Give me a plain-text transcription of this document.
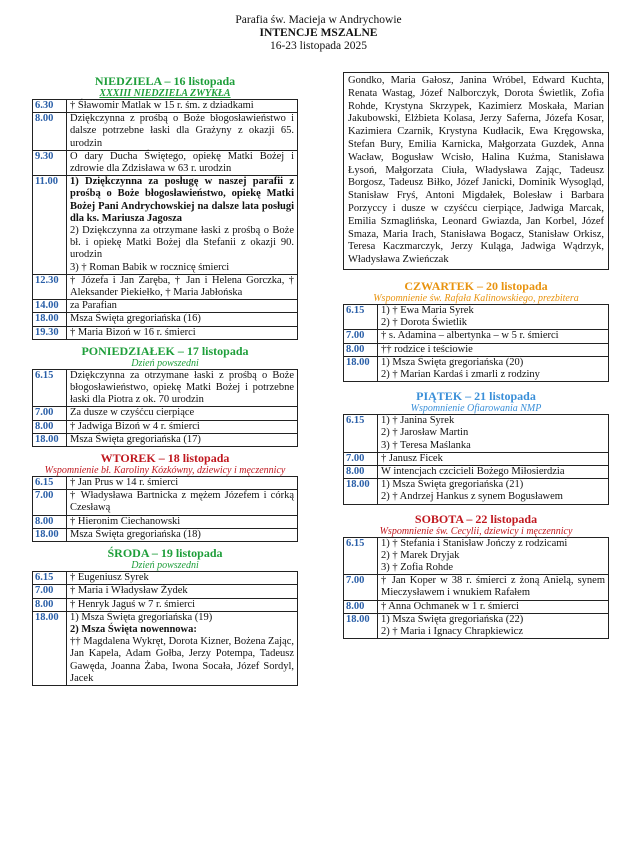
Parafia św. Macieja w Andrychowie
INTENCJE MSZALNE
16-23 listopada 2025
NIEDZIELA – 16 listopada
XXXIII NIEDZIELA ZWYKŁA
6.30	† Śławomir Matlak w 15 r. śm. z dziadkami
8.00	Dziękczynna z prośbą o Boże błogosławieństwo i dalsze potrzebne łaski dla Grażyny z okazji 65. urodzin
9.30	O dary Ducha Świętego, opiekę Matki Bożej i zdrowie dla Zdzisława w 63 r. urodzin
11.00	1) Dziękczynna za posługę w naszej parafii z prośbą o Boże błogosławieństwo, opiekę Matki Bożej Pani Andrychowskiej na dalsze lata posługi dla ks. Mariusza Jagosza
2) Dziękczynna za otrzymane łaski z prośbą o Boże bł. i opiekę Matki Bożej dla Stefanii z okazji 90. urodzin
3) † Roman Babik w rocznicę śmierci

12.30	† Józefa i Jan Zaręba, † Jan i Helena Gorczka, † Aleksander Piekiełko, † Maria Jabłońska
14.00	za Parafian
18.00	Msza Święta gregoriańska (16)
19.30	† Maria Bizoń w 16 r. śmierci
PONIEDZIAŁEK – 17 listopada
Dzień powszedni
6.15	Dziękczynna za otrzymane łaski z prośbą o Boże błogosławieństwo, opiekę Matki Bożej i potrzebne łaski dla Piotra z ok. 70 urodzin
7.00	Za dusze w czyśćcu cierpiące
8.00	† Jadwiga Bizoń w 4 r. śmierci
18.00	Msza Święta gregoriańska (17)
WTOREK – 18 listopada
Wspomnienie bł. Karoliny Kózkówny, dziewicy i męczennicy
6.15	† Jan Prus w 14 r. śmierci
7.00	† Władysława Bartnicka z mężem Józefem i córką Czesławą
8.00	† Hieronim Ciechanowski
18.00	Msza Święta gregoriańska (18)
ŚRODA – 19 listopada
Dzień powszedni
6.15	† Eugeniusz Syrek
7.00	† Maria i Władysław Żydek
8.00	† Henryk Jaguś w 7 r. śmierci
18.00	1) Msza Święta gregoriańska (19)
2) Msza Święta nowennowa:
†† Magdalena Wykręt, Dorota Kizner, Bożena Zając, Jan Kapela, Adam Gołba, Jerzy Potempa, Tadeusz Gawęda, Joanna Żaba, Iwona Socała, Józef Sordyl, Jacek
Gondko, Maria Gałosz, Janina Wróbel, Edward Kuchta, Renata Wastag, Józef Nalborczyk, Dorota Świetlik, Zofia Rohde, Krystyna Skrzypek, Kazimierz Moskała, Marian Jakubowski, Elżbieta Kolasa, Jerzy Saferna, Józefa Kosar, Kazimiera Czarnik, Krystyna Kudłacik, Ewa Kręgowska, Stefan Bury, Emilia Karnicka, Małgorzata Guzdek, Anna Wacław, Bogusław Wcisło, Halina Kuźma, Stanisława Łysoń, Małgorzata Ciuła, Władysława Zając, Tadeusz Borgosz, Tadeusz Biłko, Józef Janicki, Dominik Wysogląd, Stanisław Fryś, Antoni Migdałek, Bolesław i Barbara Porzyccy i dusze w czyśćcu cierpiące, Jadwiga Marcak, Emilia Szmaglińska, Leonard Gwiazda, Jan Korbel, Józef Smaza, Maria Irach, Stanisława Bogacz, Stanisław Orkisz, Teresa Kaczmarczyk, Jerzy Kuląga, Jadwiga Wądrzyk, Władysława Zwieńczak
CZWARTEK – 20 listopada
Wspomnienie św. Rafała Kalinowskiego, prezbitera
6.15	1) † Ewa Maria Syrek
2) † Dorota Świetlik

7.00	† s. Adamina – albertynka – w 5 r. śmierci
8.00	†† rodzice i teściowie
18.00	1) Msza Święta gregoriańska (20)
2) † Marian Kardaś i zmarli z rodziny
PIĄTEK – 21 listopada
Wspomnienie Ofiarowania NMP
6.15	1) † Janina Syrek
2) † Jarosław Martin
3) † Teresa Maślanka

7.00	† Janusz Ficek
8.00	W intencjach czcicieli Bożego Miłosierdzia
18.00	1) Msza Święta gregoriańska (21)
2) † Andrzej Hankus z synem Bogusławem
SOBOTA – 22 listopada
Wspomnienie św. Cecylii, dziewicy i męczennicy
6.15	1) † Stefania i Stanisław Jończy z rodzicami
2) † Marek Dryjak
3) † Zofia Rohde

7.00	† Jan Koper w 38 r. śmierci z żoną Anielą, synem Mieczysławem i wnukiem Rafałem
8.00	† Anna Ochmanek w 1 r. śmierci
18.00	1) Msza Święta gregoriańska (22)
2) † Maria i Ignacy Chrapkiewicz
